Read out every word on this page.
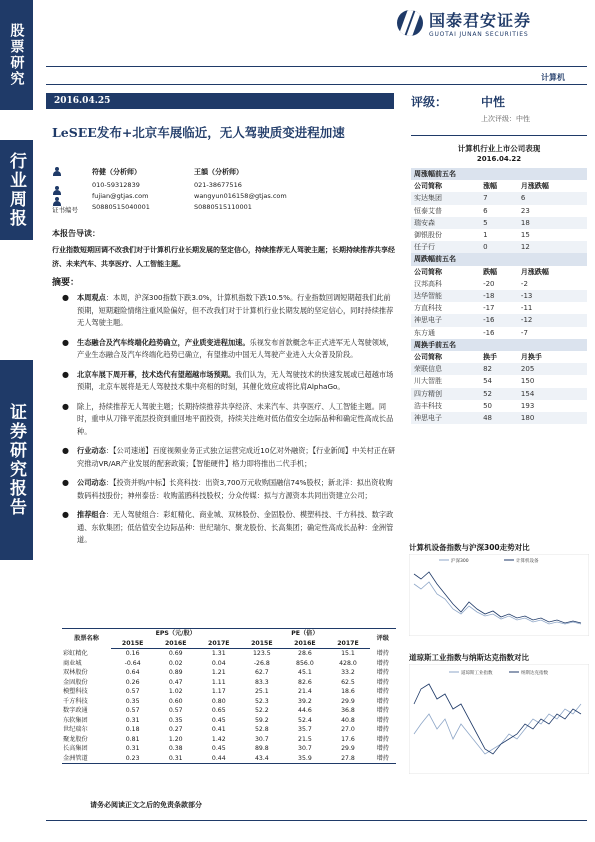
股票研究
行业周报
证券研究报告
国泰君安证券
GUOTAI JUNAN SECURITIES
计算机
2016.04.25
LeSEE发布+北京车展临近，无人驾驶质变进程加速
评级：	中性
上次评级：中性
符健（分析师）
010-59312839
fujian@gtjas.com
S0880515040001
证书编号
王韻（分析师）
021-38677516
wangyun016158@gtjas.com
S0880515110001
本报告导读：
行业指数短期回调不改我们对于计算机行业长期发展的坚定信心，持续推荐无人驾驶主题；长期持续推荐共享经济、未来汽车、共享医疗、人工智能主题。
摘要：
● 本周观点：本周，沪深300指数下跌3.0%，计算机指数下跌10.5%。行业指数回调短期超我们此前预期，短期避险情绪注重风险偏好，但不改我们对于计算机行业长期发展的坚定信心，同时持续推荐无人驾驶主题。
● 生态融合及汽车终端化趋势确立，产业质变进程加速。乐视发布首款概念车正式进军无人驾驶领域，产业生态融合及汽车终端化趋势已确立，有望推动中国无人驾驶产业进入大众普及阶段。
● 北京车展下周开幕，技术迭代有望超越市场预期。我们认为，无人驾驶技术的快速发展或已超越市场预期，北京车展将是无人驾驶技术集中亮相的时刻，其催化效应或将比肩AlphaGo。
● 除上，持续推荐无人驾驶主题；长期持续推荐共享经济、未来汽车、共享医疗、人工智能主题。同时，重申从刀锋平流层投资到重回地平面投资，持续关注绝对低估值安全边际品种和确定性高成长品种。
● 行业动态：【公司速递】百度视频业务正式独立运营完成近10亿对外融资；【行业新闻】中关村正在研究推动VR/AR产业发展的配套政策；【智能硬件】格力即将推出二代手机；
● 公司动态：【投资并购/中标】长亮科技：出资3,700万元收购国融信74%股权；新北洋：拟出资收购数码科技股份；神州泰岳：收购蓝鸥科技股权；分众传媒：拟与方源资本共同出资建立公司；
● 推荐组合：无人驾驶组合：彩虹精化、商业城、双林股份、金固股份、模塑科技、千方科技、数字政通、东软集团；低估值安全边际品种：世纪瑞尔、聚龙股份、长高集团；确定性高成长品种：金洲管道。
股票名称	EPS（元/股）			PE（倍）			评级
	2015E	2016E	2017E	2015E	2016E	2017E	
彩虹精化	0.16	0.69	1.31	123.5	28.6	15.1	增持
商业城	-0.64	0.02	0.04	-26.8	856.0	428.0	增持
双林股份	0.64	0.89	1.21	62.7	45.1	33.2	增持
金固股份	0.26	0.47	1.11	83.3	82.6	62.5	增持
模塑科技	0.57	1.02	1.17	25.1	21.4	18.6	增持
千方科技	0.35	0.60	0.80	52.3	39.2	29.9	增持
数字政通	0.57	0.57	0.65	52.2	44.6	36.8	增持
东软集团	0.31	0.35	0.45	59.2	52.4	40.8	增持
世纪瑞尔	0.18	0.27	0.41	52.8	35.7	27.0	增持
聚龙股份	0.81	1.20	1.42	30.7	21.5	17.6	增持
长高集团	0.31	0.38	0.45	89.8	30.7	29.9	增持
金洲管道	0.23	0.31	0.44	43.4	35.9	27.8	增持
请务必阅读正文之后的免责条款部分
计算机行业上市公司表现
2016.04.22
周涨幅前五名		
公司简称	涨幅	月涨跌幅
实达集团	7	6
恒泰艾普	6	23
瑞安森	5	18
御银股份	1	15
任子行	0	12
周跌幅前五名		
公司简称	跌幅	月涨跌幅
汉邦高科	-20	-2
达华智能	-18	-13
方直科技	-17	-11
神思电子	-16	-12
东方通	-16	-7
周换手前五名		
公司简称	换手	月换手
荣联信息	82	205
川大智胜	54	150
四方精创	52	154
浩丰科技	50	193
神思电子	48	180
计算机设备指数与沪深300走势对比
沪深300	计算机设备
道琼斯工业指数与纳斯达克指数对比
道琼斯工业指数	纳斯达克指数
